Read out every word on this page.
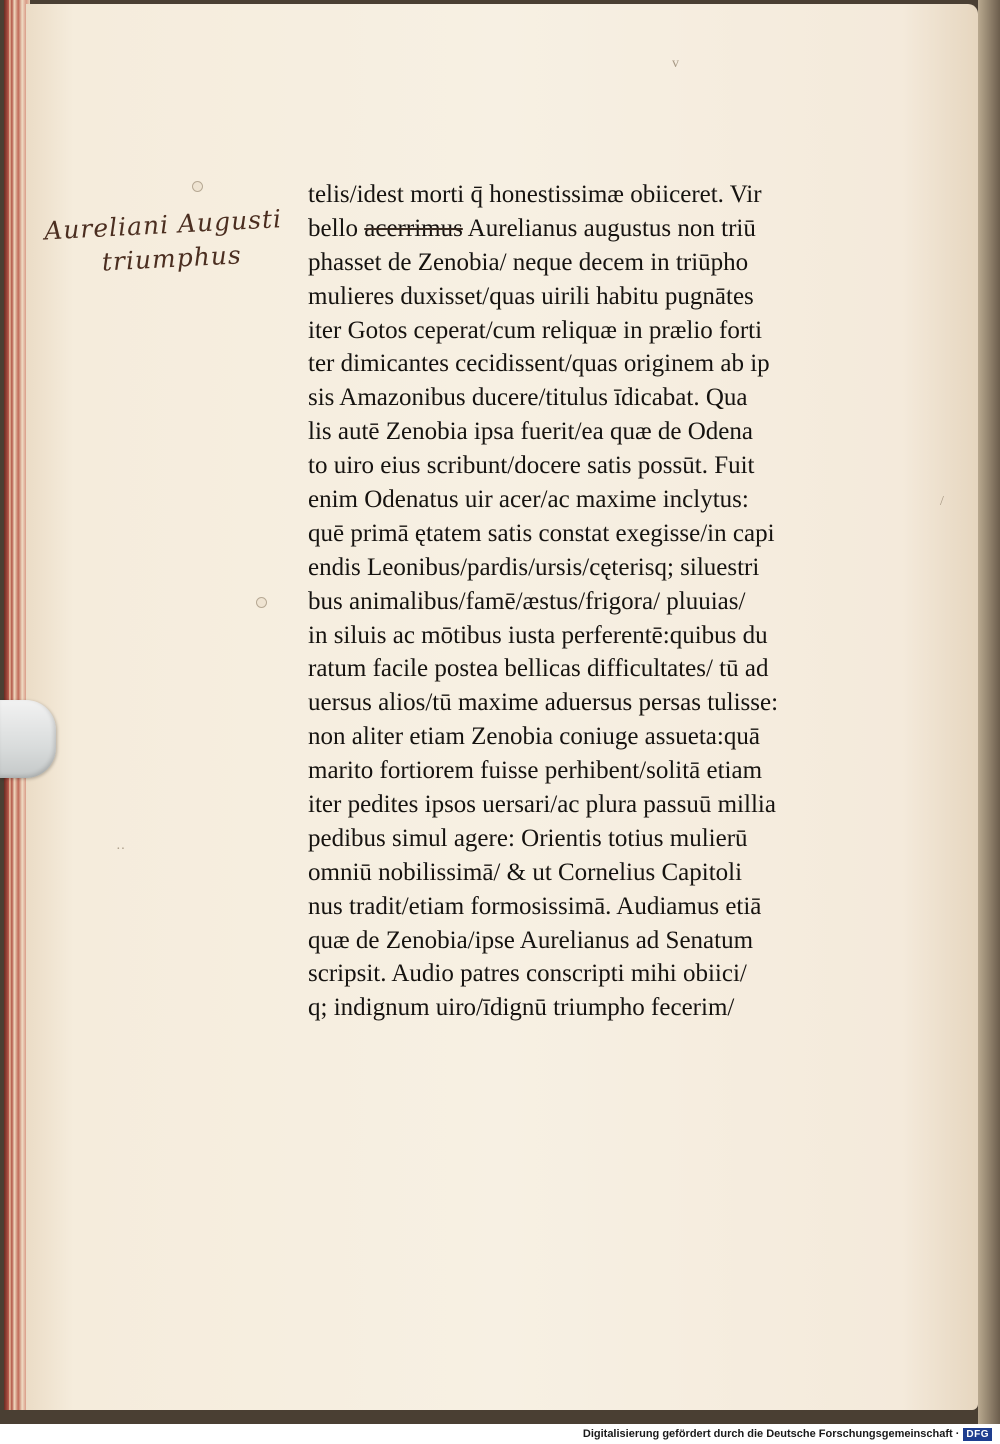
v
/
··
Aureliani Augusti
triumphus
telis/idest morti q̄ honestissimæ obiiceret. Vir
bello acerrimus Aurelianus augustus non triū
phasset de Zenobia/ neque decem in triūpho
mulieres duxisset/quas uirili habitu pugnātes
iter Gotos ceperat/cum reliquæ in prælio forti
ter dimicantes cecidissent/quas originem ab ip
sis Amazonibus ducere/titulus īdicabat. Qua
lis autē Zenobia ipsa fuerit/ea quæ de Odena
to uiro eius scribunt/docere satis possūt. Fuit
enim Odenatus uir acer/ac maxime inclytus:
quē primā ętatem satis constat exegisse/in capi
endis Leonibus/pardis/ursis/cęterisq; siluestri
bus animalibus/famē/æstus/frigora/ pluuias/
in siluis ac mōtibus iusta perferentē:quibus du
ratum facile postea bellicas difficultates/ tū ad
uersus alios/tū maxime aduersus persas tulisse:
non aliter etiam Zenobia coniuge assueta:quā
marito fortiorem fuisse perhibent/solitā etiam
iter pedites ipsos uersari/ac plura passuū millia
pedibus simul agere: Orientis totius mulierū
omniū nobilissimā/ & ut Cornelius Capitoli
nus tradit/etiam formosissimā. Audiamus etiā
quæ de Zenobia/ipse Aurelianus ad Senatum
scripsit. Audio patres conscripti mihi obiici/
q; indignum uiro/īdignū triumpho fecerim/
Digitalisierung gefördert durch die Deutsche Forschungsgemeinschaft · DFG
